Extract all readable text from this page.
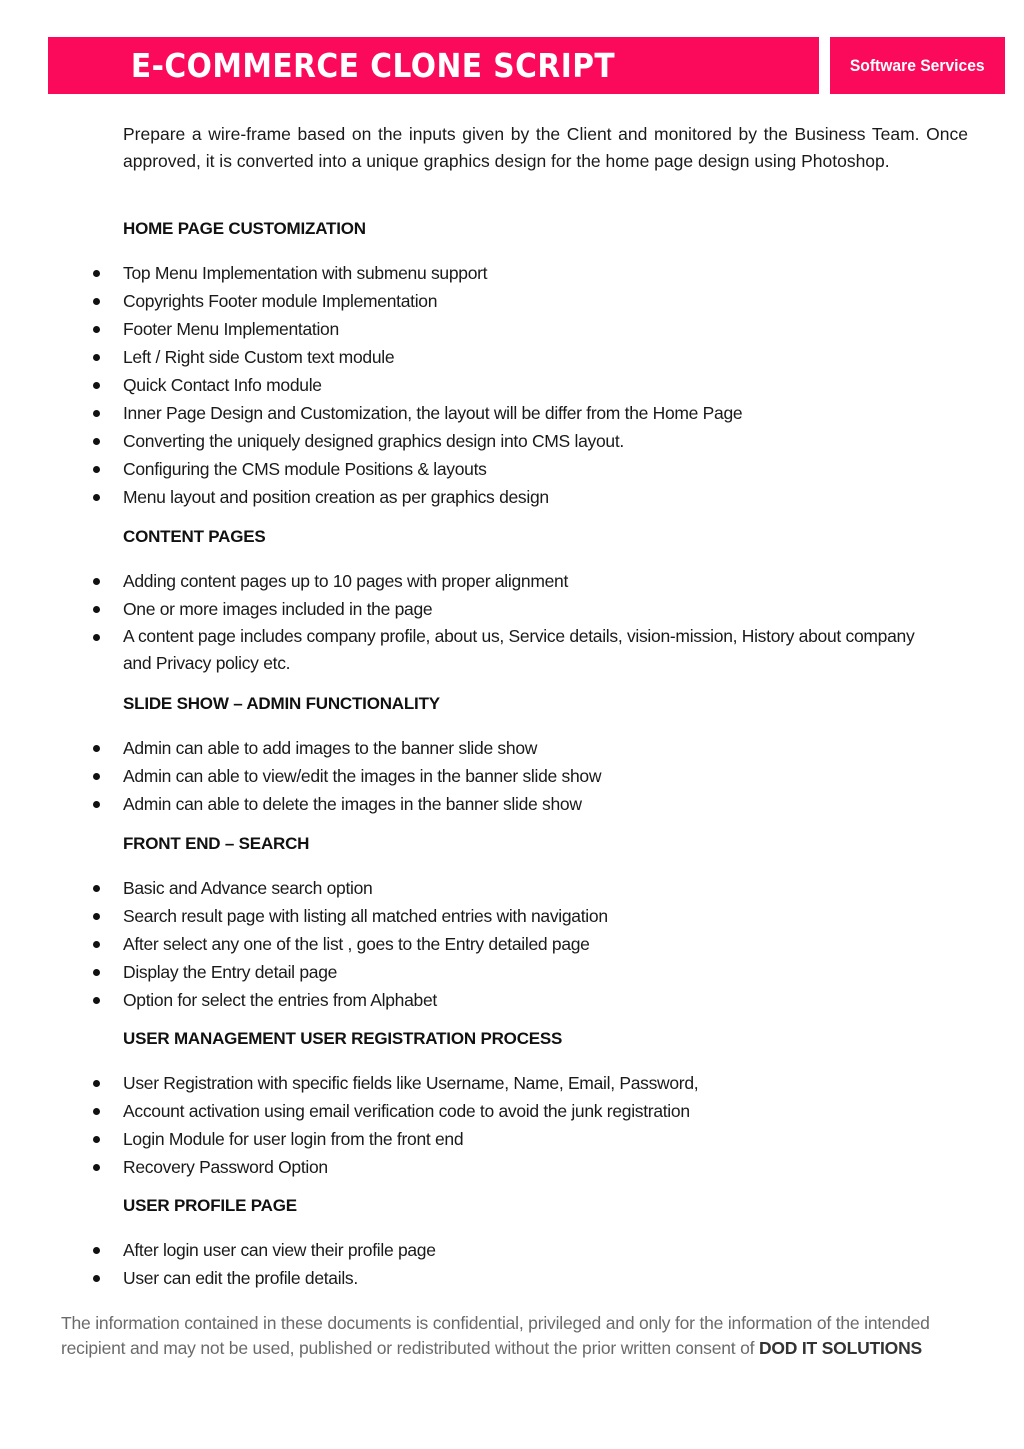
E-COMMERCE CLONE SCRIPT	Software Services

Prepare a wire-frame based on the inputs given by the Client and monitored by the Business Team. Once approved, it is converted into a unique graphics design for the home page design using Photoshop.

HOME PAGE CUSTOMIZATION
Top Menu Implementation with submenu support
Copyrights Footer module Implementation
Footer Menu Implementation
Left / Right side Custom text module
Quick Contact Info module
Inner Page Design and Customization, the layout will be differ from the Home Page
Converting the uniquely designed graphics design into CMS layout.
Configuring the CMS module Positions & layouts
Menu layout and position creation as per graphics design
CONTENT PAGES
Adding content pages up to 10 pages with proper alignment
One or more images included in the page
A content page includes company profile, about us, Service details, vision-mission, History about company and Privacy policy etc.
SLIDE SHOW – ADMIN FUNCTIONALITY
Admin can able to add images to the banner slide show
Admin can able to view/edit the images in the banner slide show
Admin can able to delete the images in the banner slide show
FRONT END – SEARCH
Basic and Advance search option
Search result page with listing all matched entries with navigation
After select any one of the list , goes to the Entry detailed page
Display the Entry detail page
Option for select the entries from Alphabet
USER MANAGEMENT USER REGISTRATION PROCESS
User Registration with specific fields like Username, Name, Email, Password,
Account activation using email verification code to avoid the junk registration
Login Module for user login from the front end
Recovery Password Option
USER PROFILE PAGE
After login user can view their profile page
User can edit the profile details.

The information contained in these documents is confidential, privileged and only for the information of the intended recipient and may not be used, published or redistributed without the prior written consent of DOD IT SOLUTIONS
